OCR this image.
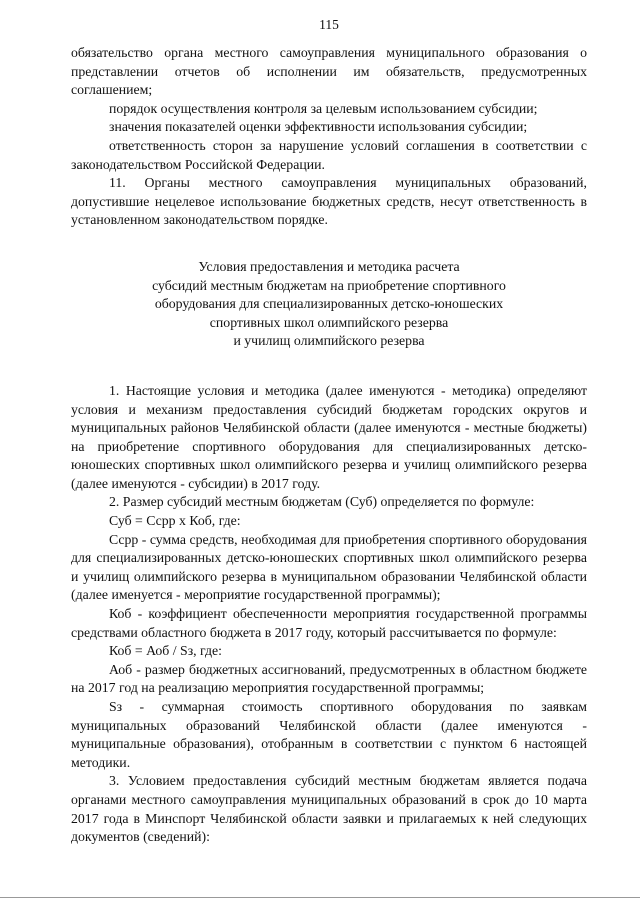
115

обязательство органа местного самоуправления муниципального образования о представлении отчетов об исполнении им обязательств, предусмотренных соглашением;

порядок осуществления контроля за целевым использованием субсидии;

значения показателей оценки эффективности использования субсидии;

ответственность сторон за нарушение условий соглашения в соответствии с законодательством Российской Федерации.

11. Органы местного самоуправления муниципальных образований, допустившие нецелевое использование бюджетных средств, несут ответственность в установленном законодательством порядке.

Условия предоставления и методика расчета
субсидий местным бюджетам на приобретение спортивного
оборудования для специализированных детско-юношеских
спортивных школ олимпийского резерва
и училищ олимпийского резерва

1. Настоящие условия и методика (далее именуются - методика) определяют условия и механизм предоставления субсидий бюджетам городских округов и муниципальных районов Челябинской области (далее именуются - местные бюджеты) на приобретение спортивного оборудования для специализированных детско-юношеских спортивных школ олимпийского резерва и училищ олимпийского резерва (далее именуются - субсидии) в 2017 году.

2. Размер субсидий местным бюджетам (Суб) определяется по формуле:

Суб = Ссрр х Коб, где:

Ссрр - сумма средств, необходимая для приобретения спортивного оборудования для специализированных детско-юношеских спортивных школ олимпийского резерва и училищ олимпийского резерва в муниципальном образовании Челябинской области (далее именуется - мероприятие государственной программы);

Коб - коэффициент обеспеченности мероприятия государственной программы средствами областного бюджета в 2017 году, который рассчитывается по формуле:

Коб = Аоб / Sз, где:

Аоб - размер бюджетных ассигнований, предусмотренных в областном бюджете на 2017 год на реализацию мероприятия государственной программы;

Sз - суммарная стоимость спортивного оборудования по заявкам муниципальных образований Челябинской области (далее именуются - муниципальные образования), отобранным в соответствии с пунктом 6 настоящей методики.

3. Условием предоставления субсидий местным бюджетам является подача органами местного самоуправления муниципальных образований в срок до 10 марта 2017 года в Минспорт Челябинской области заявки и прилагаемых к ней следующих документов (сведений):
